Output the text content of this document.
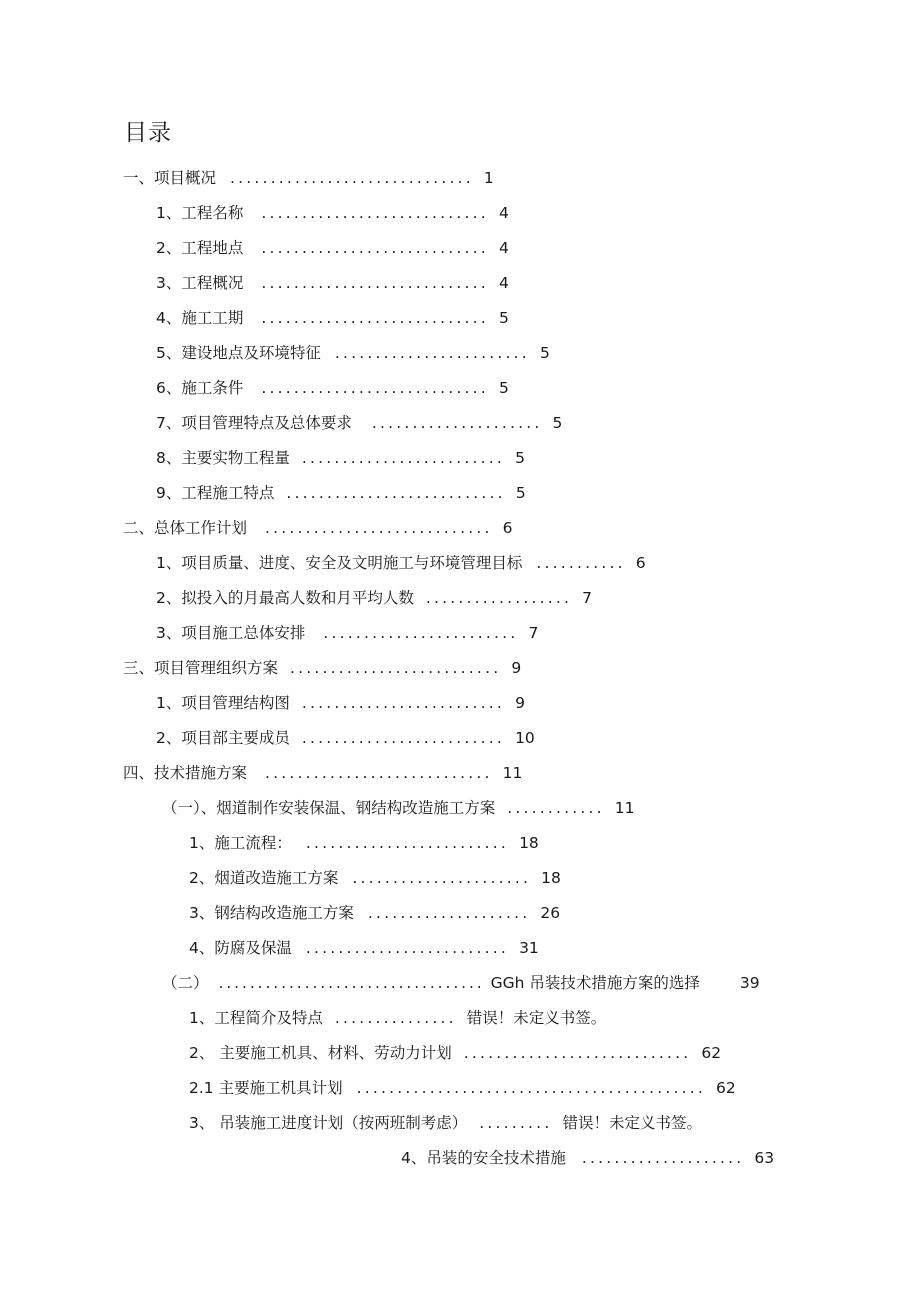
目录
一、项目概况 .............................. 1
1、工程名称 ............................ 4
2、工程地点 ............................ 4
3、工程概况 ............................ 4
4、施工工期 ............................ 5
5、建设地点及环境特征 ........................ 5
6、施工条件 ............................ 5
7、项目管理特点及总体要求 ..................... 5
8、主要实物工程量 ......................... 5
9、工程施工特点 ........................... 5
二、总体工作计划 ............................ 6
1、项目质量、进度、安全及文明施工与环境管理目标 ........... 6
2、拟投入的月最高人数和月平均人数 .................. 7
3、项目施工总体安排 ........................ 7
三、项目管理组织方案 .......................... 9
1、项目管理结构图 ......................... 9
2、项目部主要成员 ......................... 10
四、技术措施方案 ............................ 11
（一）、烟道制作安装保温、钢结构改造施工方案 ............ 11
1、施工流程： ......................... 18
2、烟道改造施工方案 ...................... 18
3、钢结构改造施工方案 .................... 26
4、防腐及保温 ......................... 31
（二） .................................. GGh 吊装技术措施方案的选择	39
1、工程简介及特点 ............... 错误！未定义书签。
2、 主要施工机具、材料、劳动力计划 ............................ 62
2.1 主要施工机具计划 ........................................... 62
3、 吊装施工进度计划（按两班制考虑） ......... 错误！未定义书签。
4、吊装的安全技术措施 .................... 63
